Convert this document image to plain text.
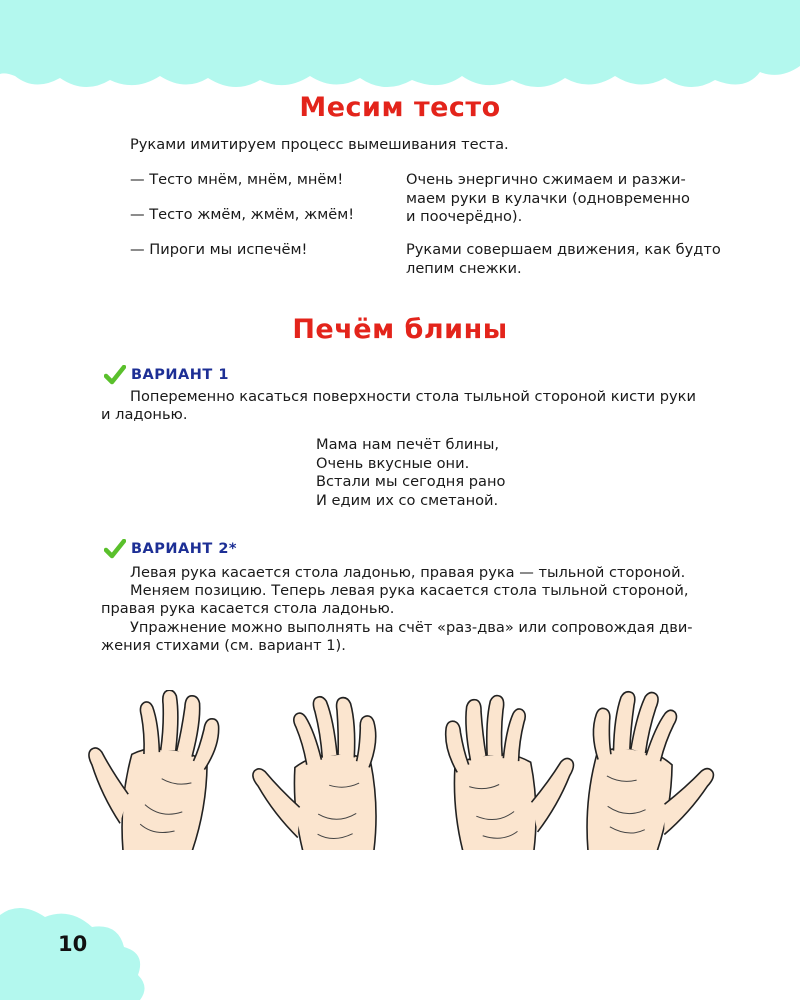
10
Месим тесто

Руками имитируем процесс вымешивания теста.

— Тесто мнём, мнём, мнём!

— Тесто жмём, жмём, жмём!

— Пироги мы испечём!

Очень энергично сжимаем и разжи-
маем руки в кулачки (одновременно
и поочерёдно).

Руками совершаем движения, как будто
лепим снежки.

Печём блины
ВАРИАНТ 1

Попеременно касаться поверхности стола тыльной стороной кисти руки
и ладонью.

Мама нам печёт блины,
Очень вкусные они.
Встали мы сегодня рано
И едим их со сметаной.

ВАРИАНТ 2*

Левая рука касается стола ладонью, правая рука — тыльной стороной.
Меняем позицию. Теперь левая рука касается стола тыльной стороной,
правая рука касается стола ладонью.
Упражнение можно выполнять на счёт «раз-два» или сопровождая дви-
жения стихами (см. вариант 1).
